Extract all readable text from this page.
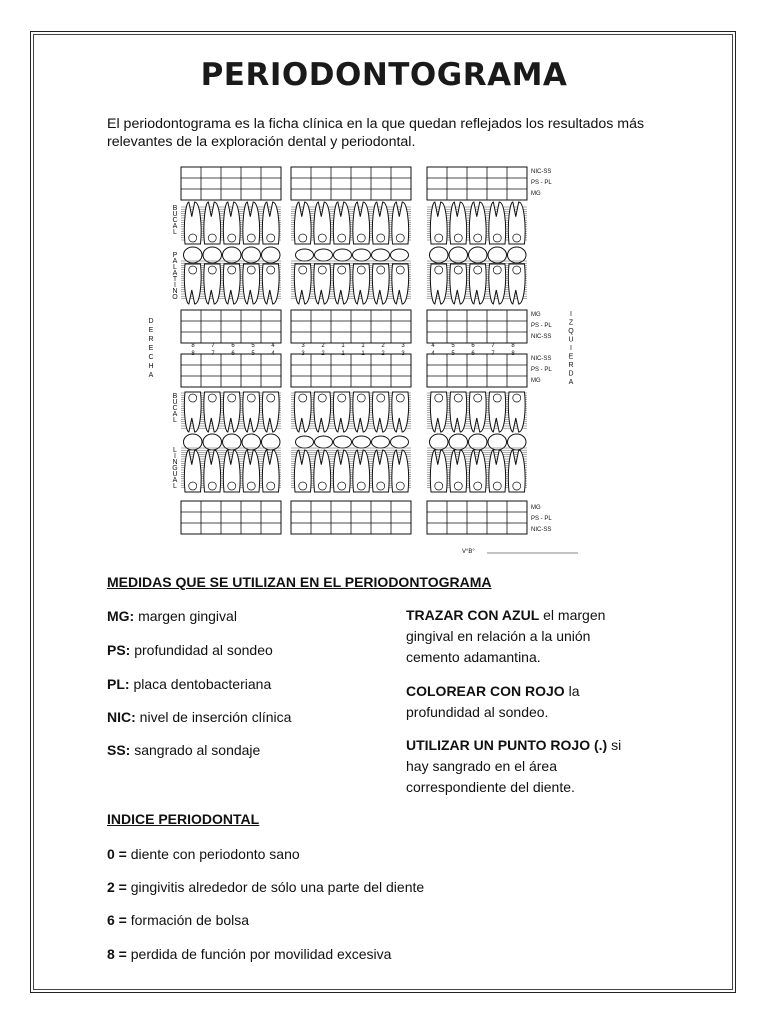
PERIODONTOGRAMA
El periodontograma es la ficha clínica en la que quedan reflejados los resultados más relevantes de la exploración dental y periodontal.
NIC-SS
PS - PL
MG
MG
PS - PL
NIC-SS
NIC-SS
PS - PL
MG
MG
PS - PL
NIC-SS
8	7	6	5	4	3	2	1	1	2	3	4	5	6	7	8
8	7	6	5	4	3	2	1	1	2	3	4	5	6	7	8
D
E
R
E
C
H
A
I
Z
Q
U
I
E
R
D
A
B
U
C
A
L
P
A
L
A
T
I
N
O
B
U
C
A
L
L
I
N
G
U
A
L
V°B°
MEDIDAS QUE SE UTILIZAN EN EL PERIODONTOGRAMA
MG: margen gingival
PS: profundidad al sondeo
PL: placa dentobacteriana
NIC: nivel de inserción clínica
SS: sangrado al sondaje
TRAZAR CON AZUL el margen gingival en relación a la unión cemento adamantina.
COLOREAR CON ROJO la profundidad al sondeo.
UTILIZAR UN PUNTO ROJO (.) si hay sangrado en el área correspondiente del diente.
INDICE PERIODONTAL
0 = diente con periodonto sano
2 = gingivitis alrededor de sólo una parte del diente
6 = formación de bolsa
8 = perdida de función por movilidad excesiva
